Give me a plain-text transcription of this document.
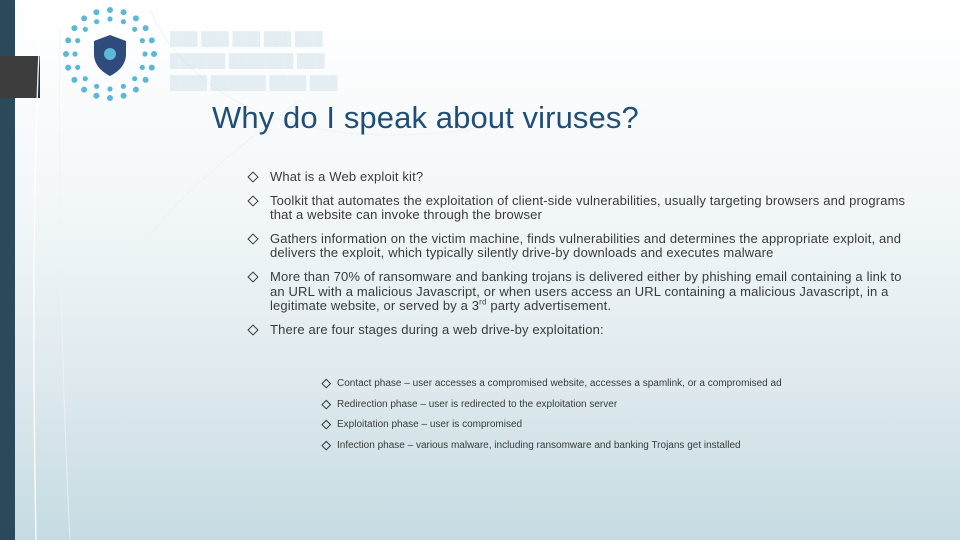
███ ███ ███ ███ ███
██████ ███████ ███
████ ██████ ████ ███
Why do I speak about viruses?
What is a Web exploit kit?
Toolkit that automates the exploitation of client-side vulnerabilities, usually targeting browsers and programs that a website can invoke through the browser
Gathers information on the victim machine, finds vulnerabilities and determines the appropriate exploit, and delivers the exploit, which typically silently drive-by downloads and executes malware
More than 70% of ransomware and banking trojans is delivered either by phishing email containing a link to an URL with a malicious Javascript, or when users access an URL containing a malicious Javascript, in a legitimate website, or served by a 3rd party advertisement.
There are four stages during a web drive-by exploitation:
Contact phase – user accesses a compromised website, accesses a spamlink, or a compromised ad
Redirection phase – user is redirected to the exploitation server
Exploitation phase – user is compromised
Infection phase – various malware, including ransomware and banking Trojans get installed
